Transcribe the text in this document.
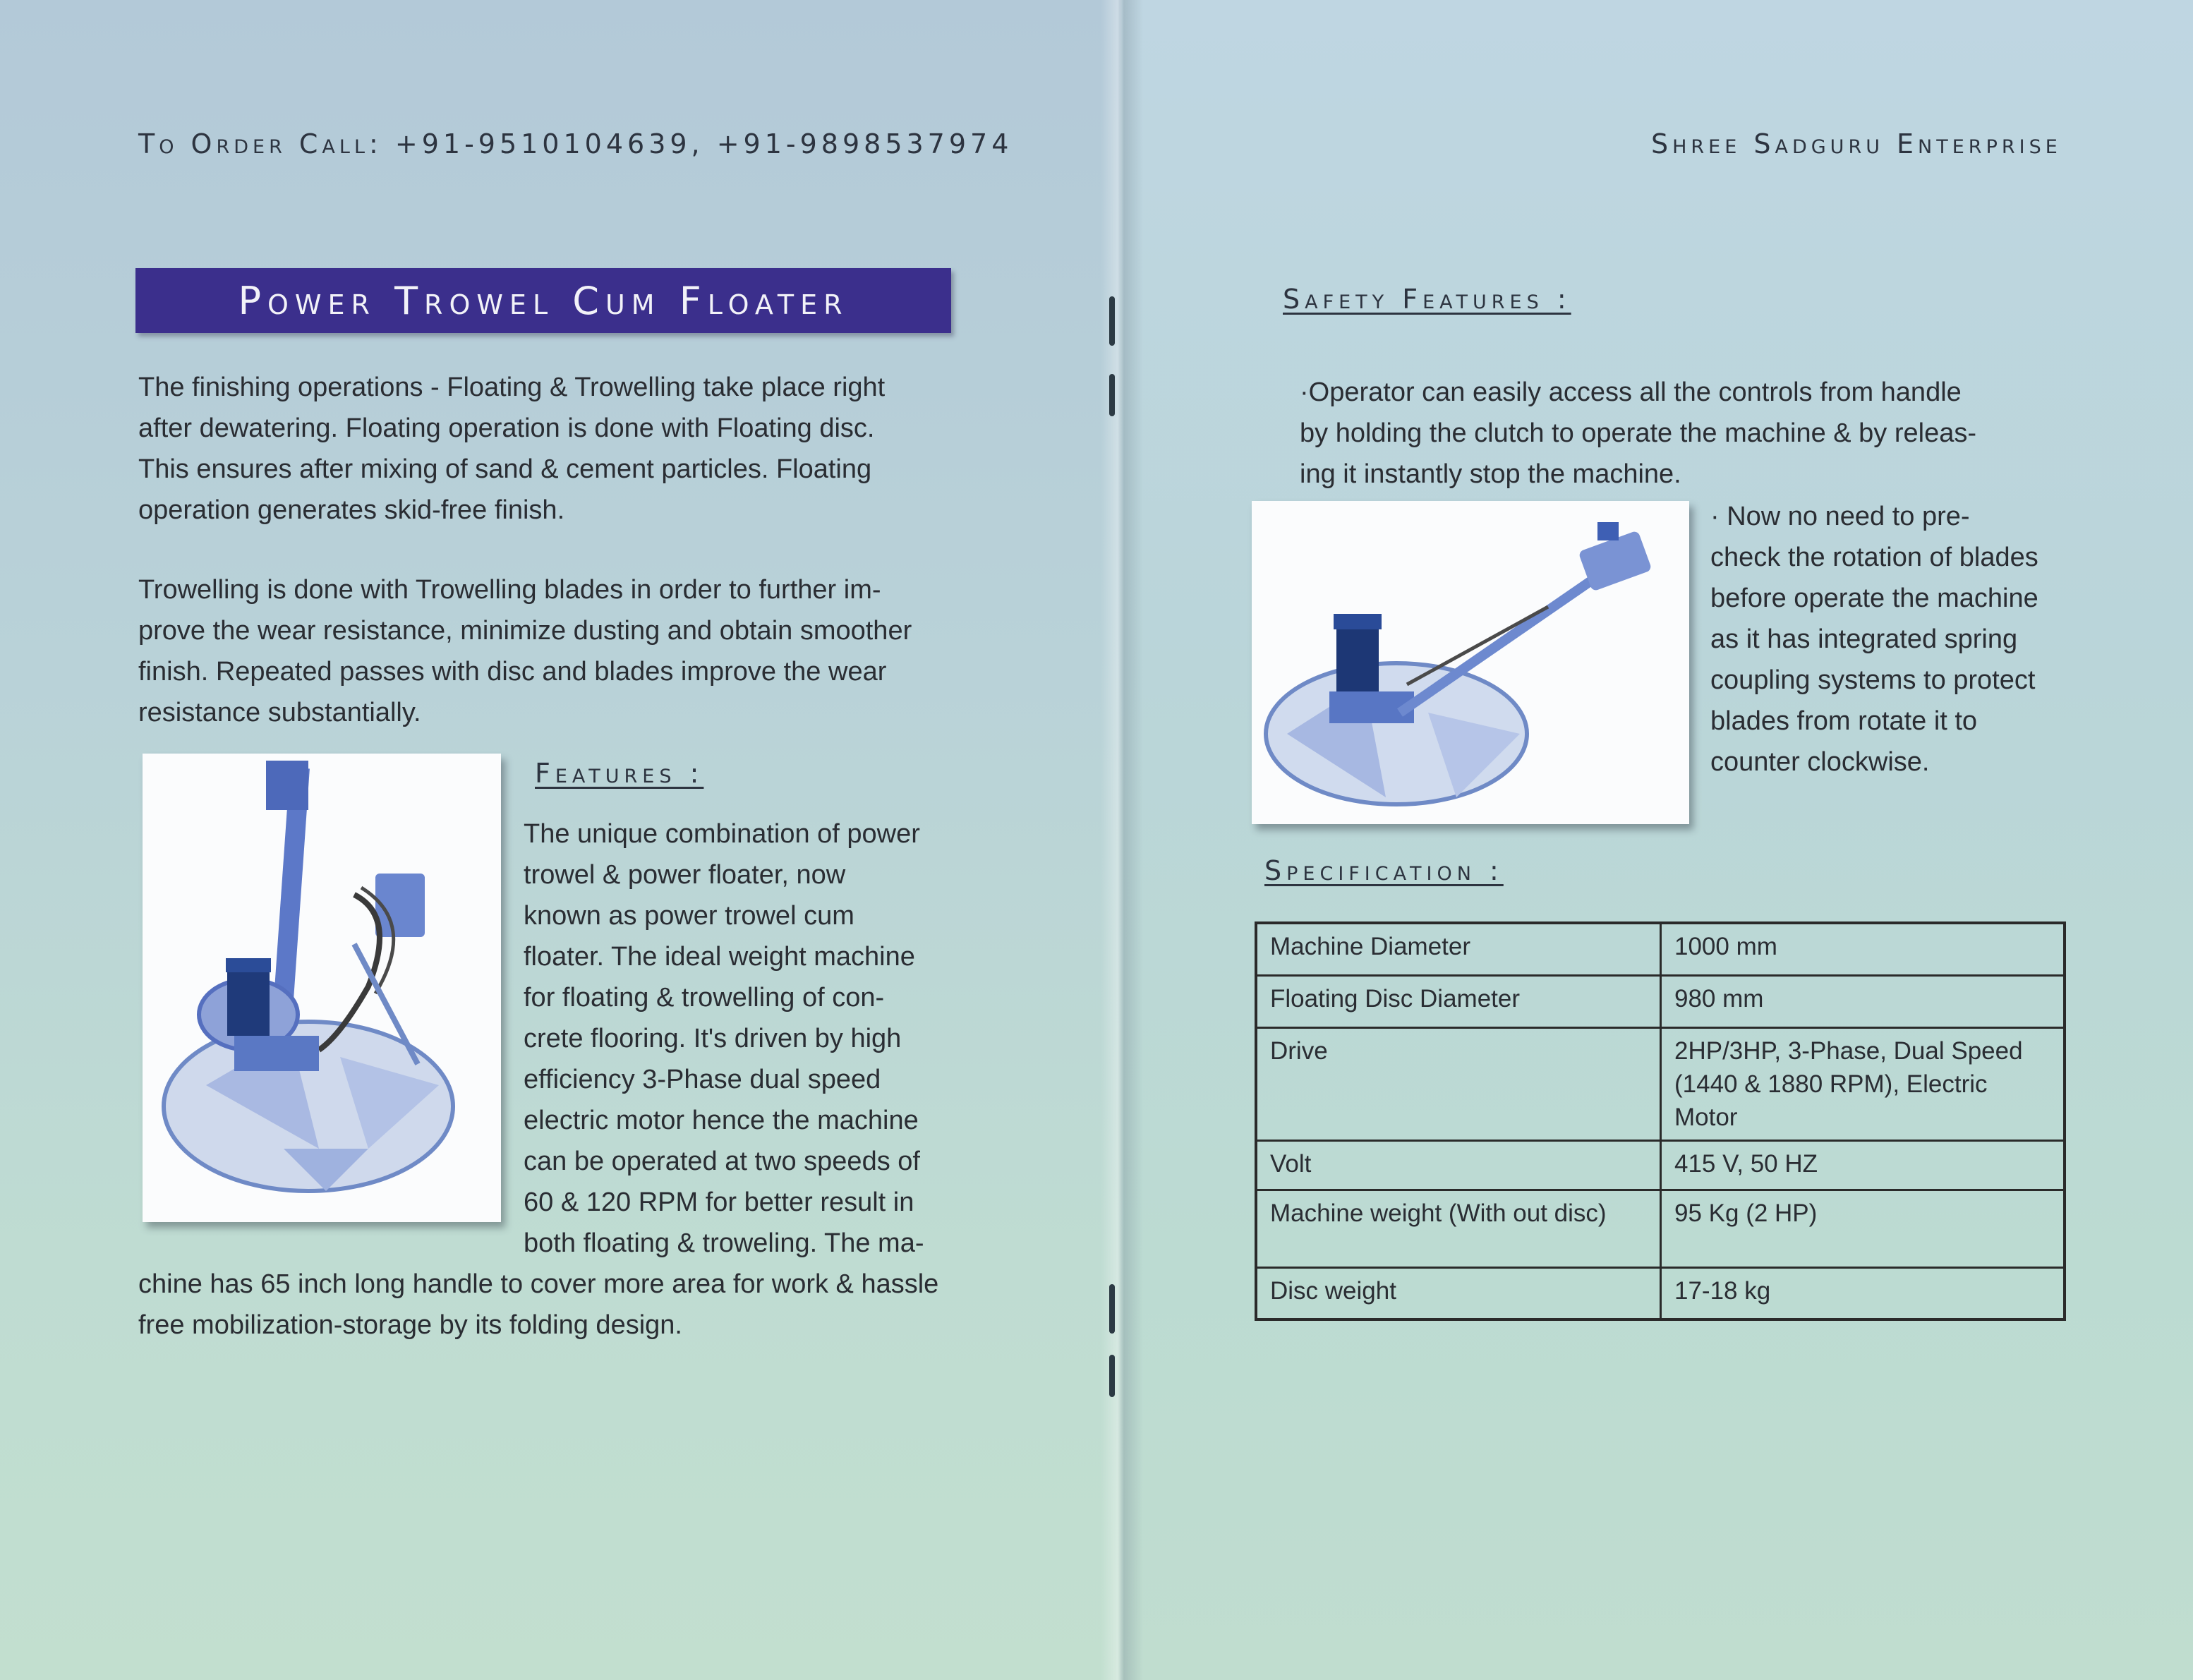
To Order Call: +91-9510104639, +91-9898537974
Power Trowel Cum Floater
The finishing operations - Floating & Trowelling take place right
after dewatering. Floating operation is done with Floating disc.
This ensures after mixing of sand & cement particles. Floating
operation generates skid-free finish.
Trowelling is done with Trowelling blades in order to further im-
prove the wear resistance, minimize dusting and obtain smoother
finish. Repeated passes with disc and blades improve the wear
resistance substantially.
Features :
The unique combination of power
trowel & power floater, now
known as power trowel cum
floater. The ideal weight machine
for floating & trowelling of con-
crete flooring. It's driven by high
efficiency 3-Phase dual speed
electric motor hence the machine
can be operated at two speeds of
60 & 120 RPM for better result in
both floating & troweling. The ma-
chine has 65 inch long handle to cover more area for work & hassle
free mobilization-storage by its folding design.
Shree Sadguru Enterprise
Safety Features :
·Operator can easily access all the controls from handle
by holding the clutch to operate the machine & by releas-
ing it instantly stop the machine.
· Now no need to pre-
check the rotation of blades
before operate the machine
as it has integrated spring
coupling systems to protect
blades from rotate it to
counter clockwise.
Specification :
Machine Diameter	1000 mm
Floating Disc Diameter	980 mm
Drive	2HP/3HP, 3-Phase, Dual Speed (1440 & 1880 RPM), Electric Motor
Volt	415 V, 50 HZ
Machine weight (With out disc)	95 Kg (2 HP)
Disc weight	17-18 kg
